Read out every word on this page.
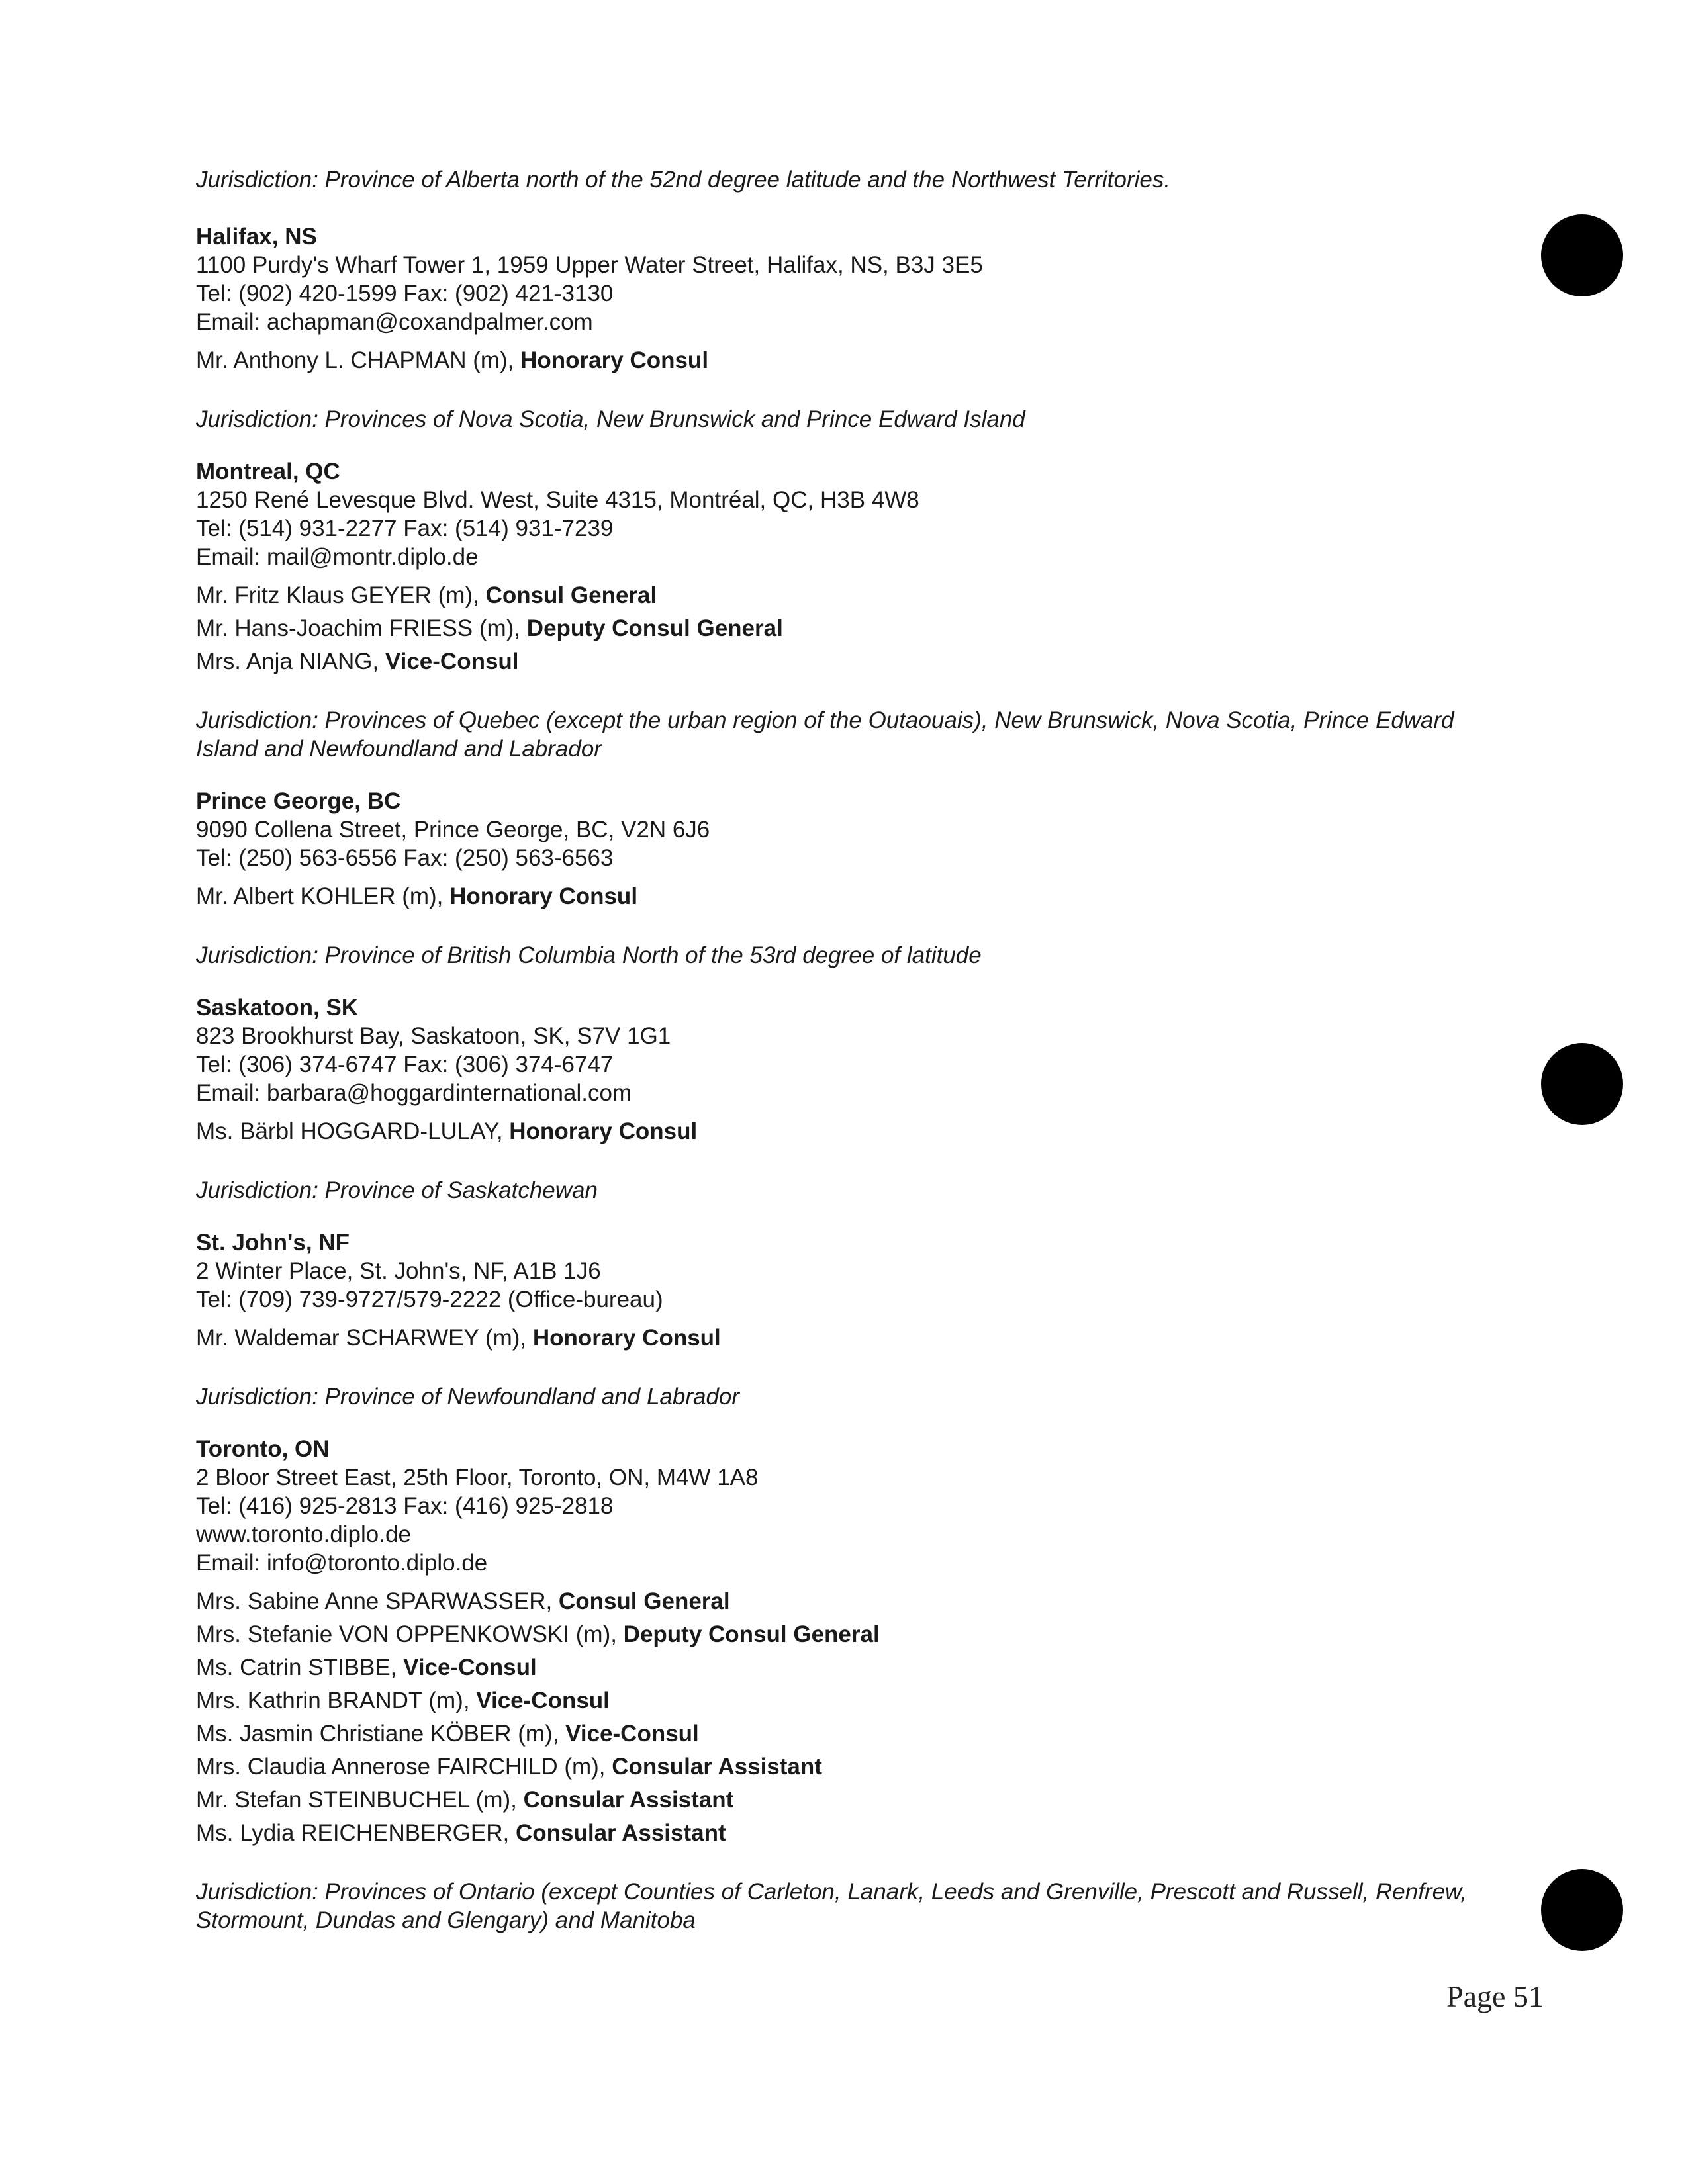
Jurisdiction: Province of Alberta north of the 52nd degree latitude and the Northwest Territories.
Halifax, NS
1100 Purdy's Wharf Tower 1, 1959 Upper Water Street, Halifax, NS, B3J 3E5
Tel: (902) 420-1599 Fax: (902) 421-3130
Email: achapman@coxandpalmer.com
Mr. Anthony L. CHAPMAN (m), Honorary Consul
Jurisdiction: Provinces of Nova Scotia, New Brunswick and Prince Edward Island
Montreal, QC
1250 René Levesque Blvd. West, Suite 4315, Montréal, QC, H3B 4W8
Tel: (514) 931-2277 Fax: (514) 931-7239
Email: mail@montr.diplo.de
Mr. Fritz Klaus GEYER (m), Consul General
Mr. Hans-Joachim FRIESS (m), Deputy Consul General
Mrs. Anja NIANG, Vice-Consul
Jurisdiction: Provinces of Quebec (except the urban region of the Outaouais), New Brunswick, Nova Scotia, Prince Edward Island and Newfoundland and Labrador
Prince George, BC
9090 Collena Street, Prince George, BC, V2N 6J6
Tel: (250) 563-6556 Fax: (250) 563-6563
Mr. Albert KOHLER (m), Honorary Consul
Jurisdiction: Province of British Columbia North of the 53rd degree of latitude
Saskatoon, SK
823 Brookhurst Bay, Saskatoon, SK, S7V 1G1
Tel: (306) 374-6747 Fax: (306) 374-6747
Email: barbara@hoggardinternational.com
Ms. Bärbl HOGGARD-LULAY, Honorary Consul
Jurisdiction: Province of Saskatchewan
St. John's, NF
2 Winter Place, St. John's, NF, A1B 1J6
Tel: (709) 739-9727/579-2222 (Office-bureau)
Mr. Waldemar SCHARWEY (m), Honorary Consul
Jurisdiction: Province of Newfoundland and Labrador
Toronto, ON
2 Bloor Street East, 25th Floor, Toronto, ON, M4W 1A8
Tel: (416) 925-2813 Fax: (416) 925-2818
www.toronto.diplo.de
Email: info@toronto.diplo.de
Mrs. Sabine Anne SPARWASSER, Consul General
Mrs. Stefanie VON OPPENKOWSKI (m), Deputy Consul General
Ms. Catrin STIBBE, Vice-Consul
Mrs. Kathrin BRANDT (m), Vice-Consul
Ms. Jasmin Christiane KÖBER (m), Vice-Consul
Mrs. Claudia Annerose FAIRCHILD (m), Consular Assistant
Mr. Stefan STEINBUCHEL (m), Consular Assistant
Ms. Lydia REICHENBERGER, Consular Assistant
Jurisdiction: Provinces of Ontario (except Counties of Carleton, Lanark, Leeds and Grenville, Prescott and Russell, Renfrew, Stormount, Dundas and Glengary) and Manitoba
Page 51
